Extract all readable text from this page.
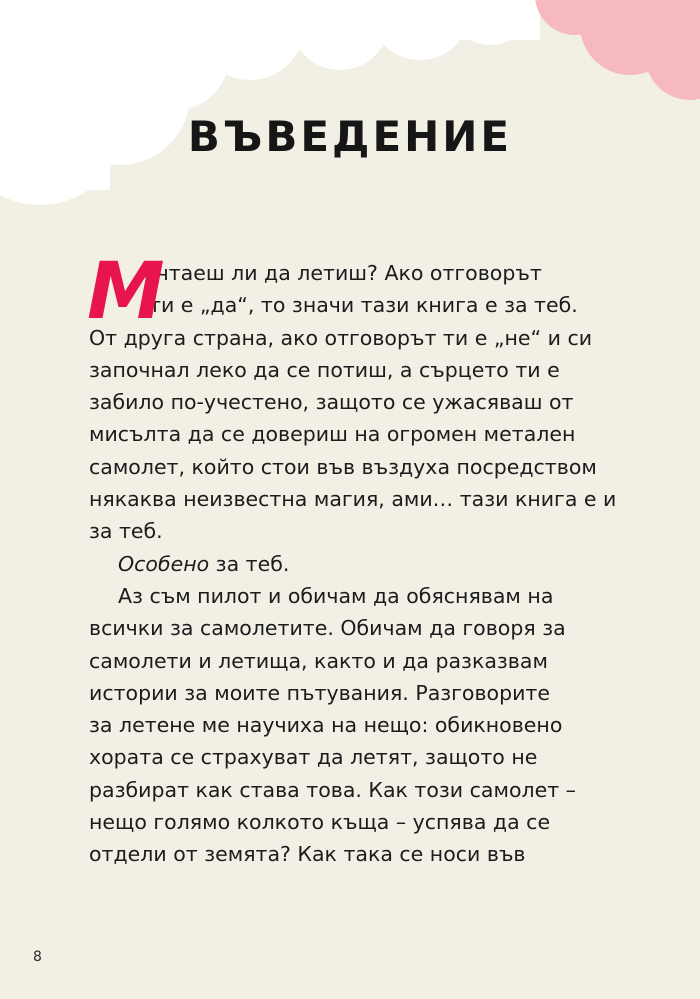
ВЪВЕДЕНИЕ
М
ечтаеш ли да летиш? Ако отговорът
ти е „да“, то значи тази книга е за теб.
От друга страна, ако отговорът ти е „не“ и си
започнал леко да се потиш, а сърцето ти е
забило по-учестено, защото се ужасяваш от
мисълта да се довериш на огромен метален
самолет, който стои във въздуха посредством
някаква неизвестна магия, ами… тази книга е и
за теб.
Особено за теб.
Аз съм пилот и обичам да обяснявам на
всички за самолетите. Обичам да говоря за
самолети и летища, както и да разказвам
истории за моите пътувания. Разговорите
за летене ме научиха на нещо: обикновено
хората се страхуват да летят, защото не
разбират как става това. Как този самолет –
нещо голямо колкото къща – успява да се
отдели от земята? Как така се носи във
8
